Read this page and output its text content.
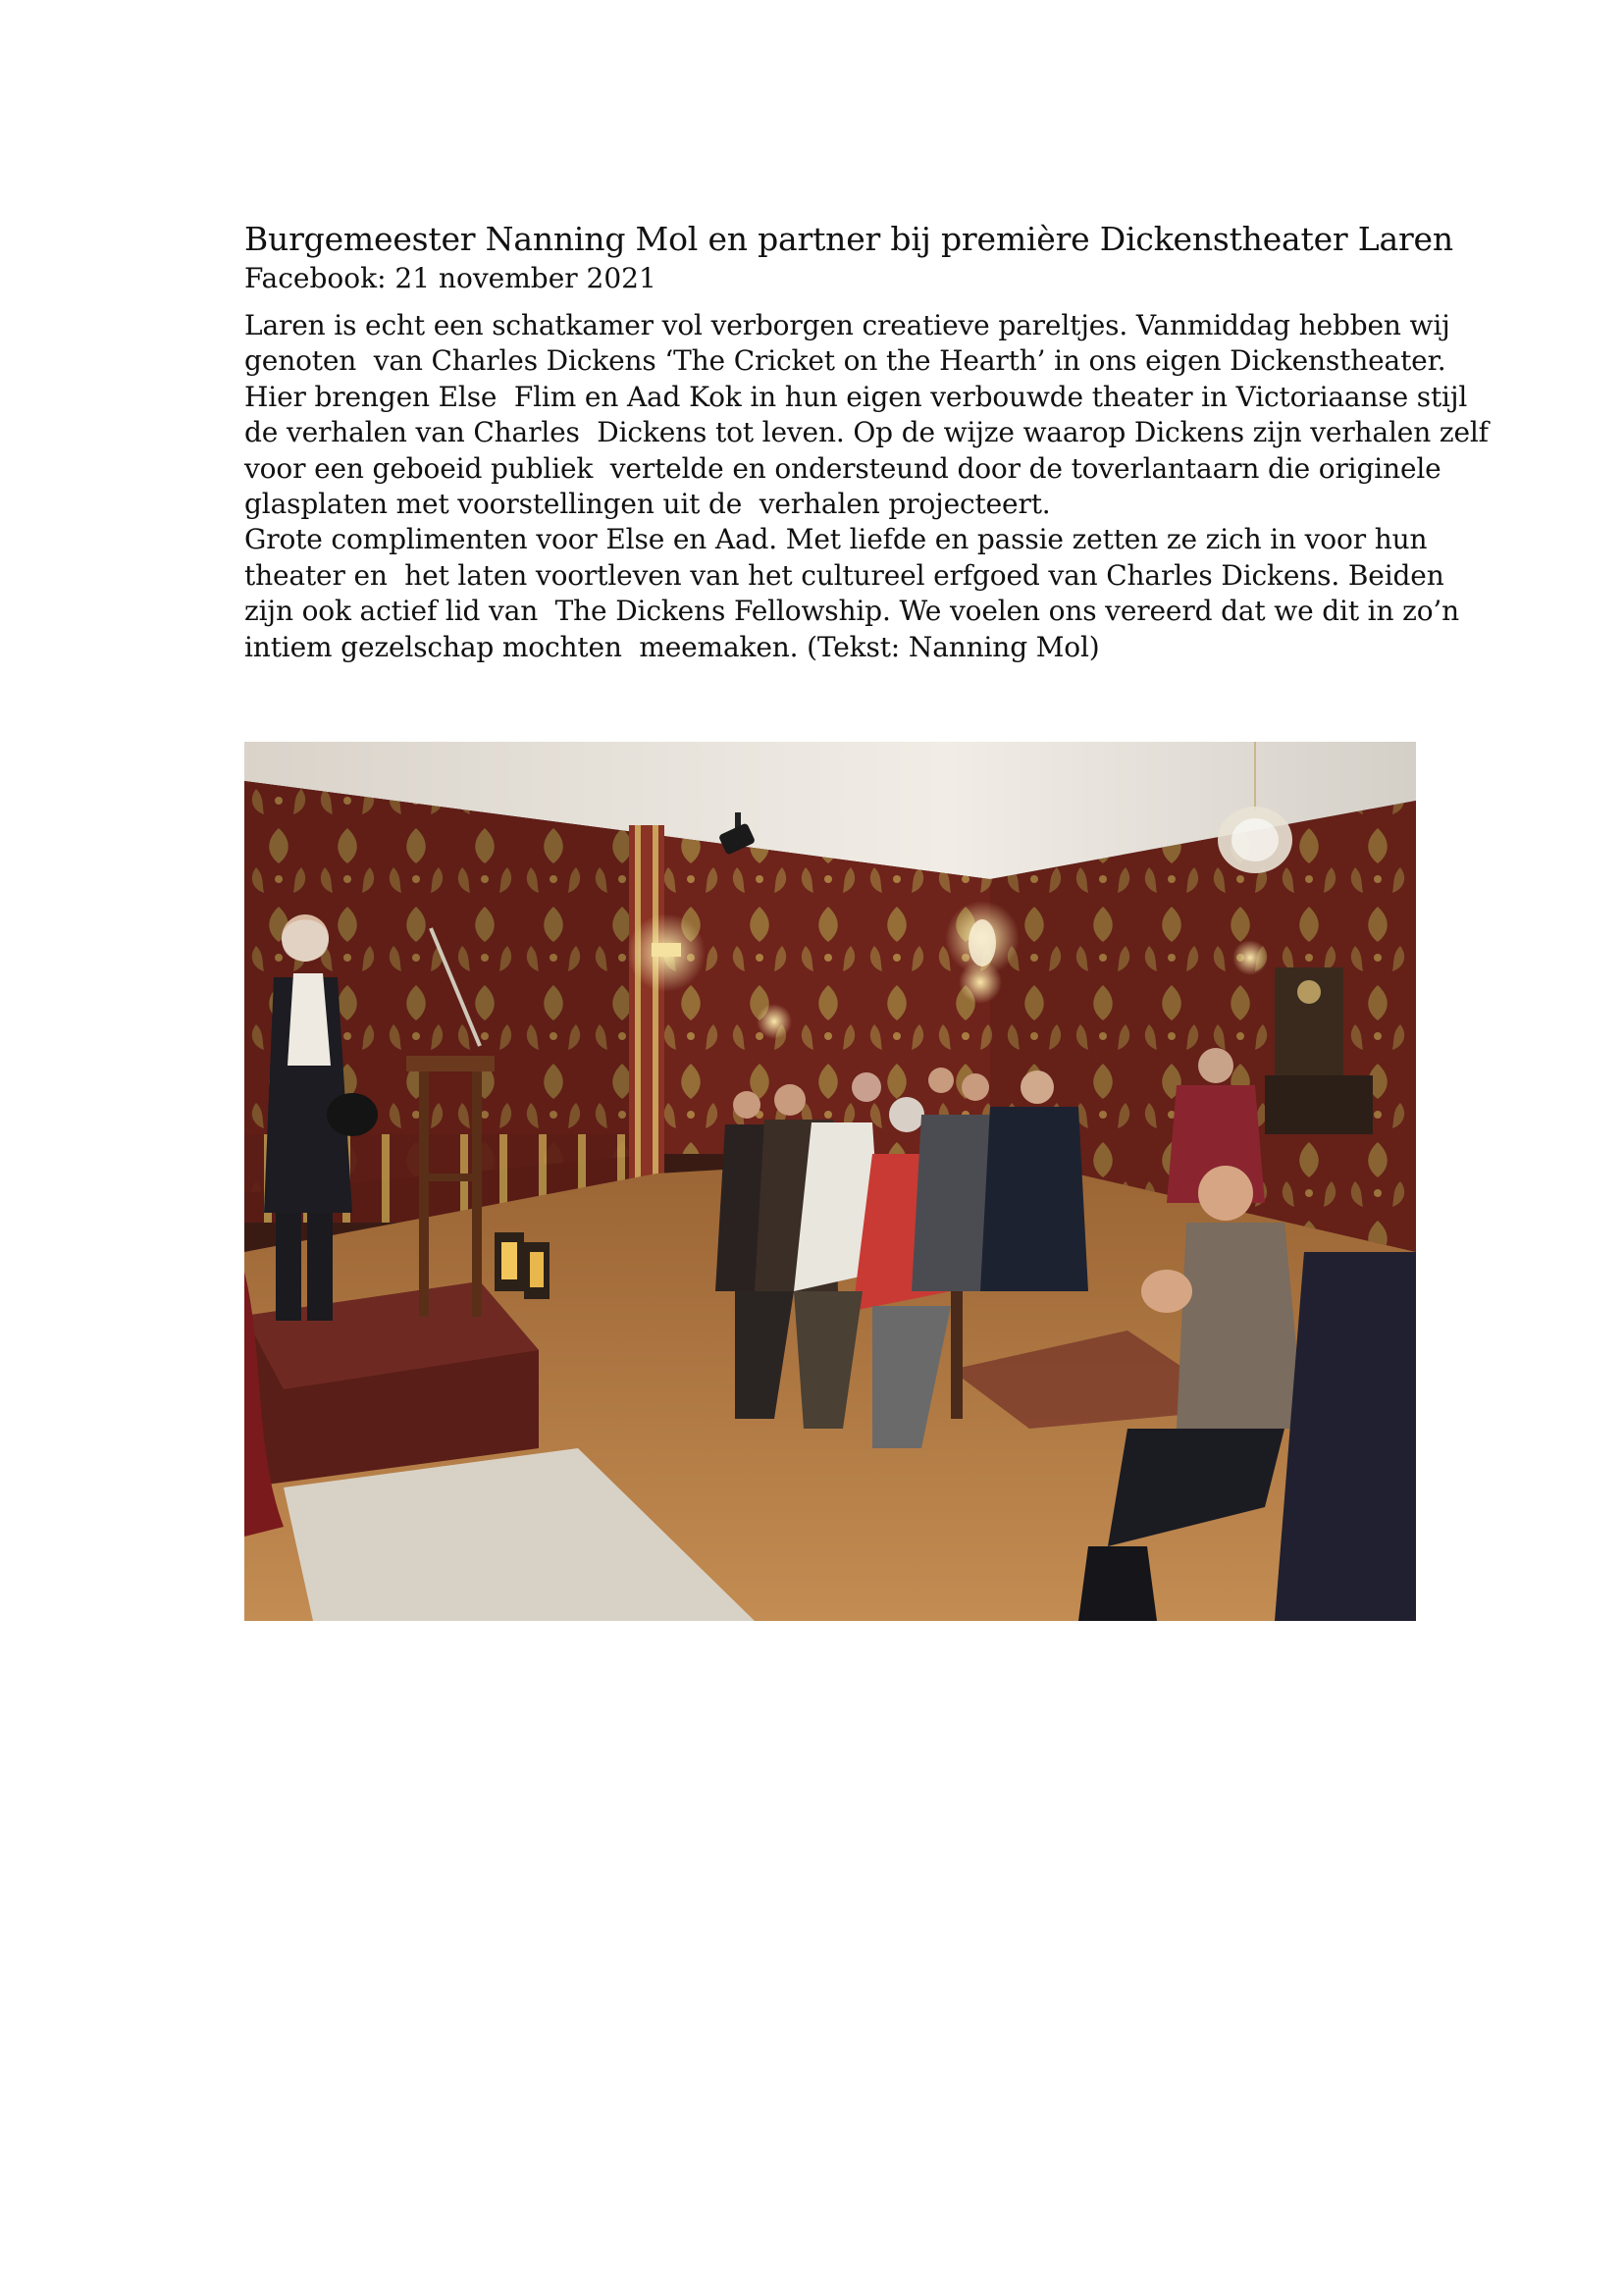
Burgemeester Nanning Mol en partner bij première Dickenstheater Laren

Facebook: 21 november 2021

Laren is echt een schatkamer vol verborgen creatieve pareltjes. Vanmiddag hebben wij
genoten  van Charles Dickens ‘The Cricket on the Hearth’ in ons eigen Dickenstheater.
Hier brengen Else  Flim en Aad Kok in hun eigen verbouwde theater in Victoriaanse stijl
de verhalen van Charles  Dickens tot leven. Op de wijze waarop Dickens zijn verhalen zelf
voor een geboeid publiek  vertelde en ondersteund door de toverlantaarn die originele
glasplaten met voorstellingen uit de  verhalen projecteert.
Grote complimenten voor Else en Aad. Met liefde en passie zetten ze zich in voor hun
theater en  het laten voortleven van het cultureel erfgoed van Charles Dickens. Beiden
zijn ook actief lid van  The Dickens Fellowship. We voelen ons vereerd dat we dit in zo’n
intiem gezelschap mochten  meemaken. (Tekst: Nanning Mol)
